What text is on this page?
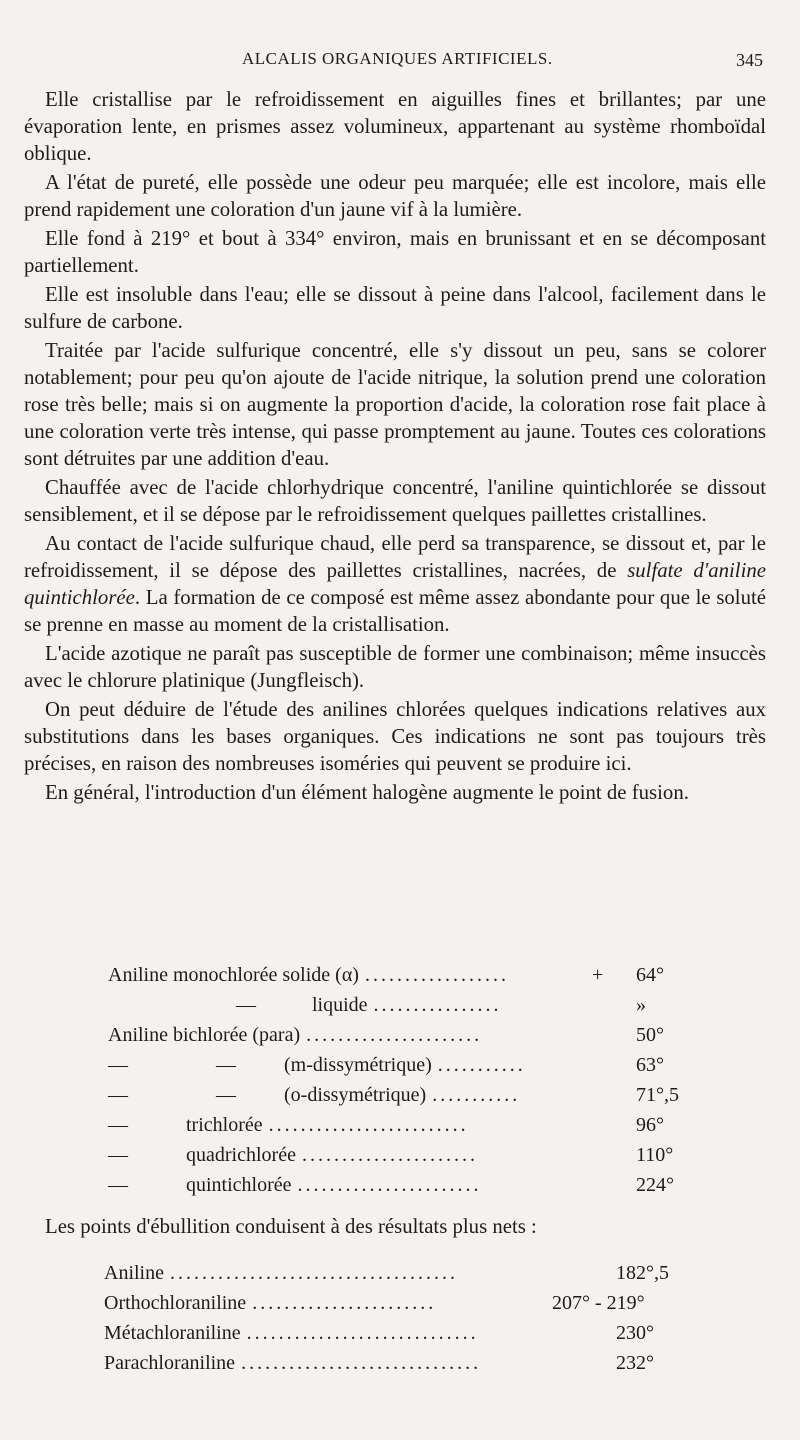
ALCALIS ORGANIQUES ARTIFICIELS.	345

Elle cristallise par le refroidissement en aiguilles fines et brillantes; par une évaporation lente, en prismes assez volumineux, appartenant au système rhomboïdal oblique.

A l'état de pureté, elle possède une odeur peu marquée; elle est incolore, mais elle prend rapidement une coloration d'un jaune vif à la lumière.

Elle fond à 219° et bout à 334° environ, mais en brunissant et en se décomposant partiellement.

Elle est insoluble dans l'eau; elle se dissout à peine dans l'alcool, facilement dans le sulfure de carbone.

Traitée par l'acide sulfurique concentré, elle s'y dissout un peu, sans se colorer notablement; pour peu qu'on ajoute de l'acide nitrique, la solution prend une coloration rose très belle; mais si on augmente la proportion d'acide, la coloration rose fait place à une coloration verte très intense, qui passe promptement au jaune. Toutes ces colorations sont détruites par une addition d'eau.

Chauffée avec de l'acide chlorhydrique concentré, l'aniline quintichlorée se dissout sensiblement, et il se dépose par le refroidissement quelques paillettes cristallines.

Au contact de l'acide sulfurique chaud, elle perd sa transparence, se dissout et, par le refroidissement, il se dépose des paillettes cristallines, nacrées, de sulfate d'aniline quintichlorée. La formation de ce composé est même assez abondante pour que le soluté se prenne en masse au moment de la cristallisation.

L'acide azotique ne paraît pas susceptible de former une combinaison; même insuccès avec le chlorure platinique (Jungfleisch).

On peut déduire de l'étude des anilines chlorées quelques indications relatives aux substitutions dans les bases organiques. Ces indications ne sont pas toujours très précises, en raison des nombreuses isoméries qui peuvent se produire ici.

En général, l'introduction d'un élément halogène augmente le point de fusion.

Aniline monochlorée solide (α)	+ 64°
..................
—	liquide	»
................
Aniline bichlorée (para)	50°
......................
—	— (m-dissymétrique)	63°
...........
—	— (o-dissymétrique)	71°,5
...........
—	trichlorée	96°
.........................
—	quadrichlorée	110°
......................
—	quintichlorée	224°
.......................
Les points d'ébullition conduisent à des résultats plus nets :
Aniline	182°,5
....................................
Orthochloraniline	207° - 219°
.......................
Métachloraniline	230°
.............................
Parachloraniline	232°
..............................
